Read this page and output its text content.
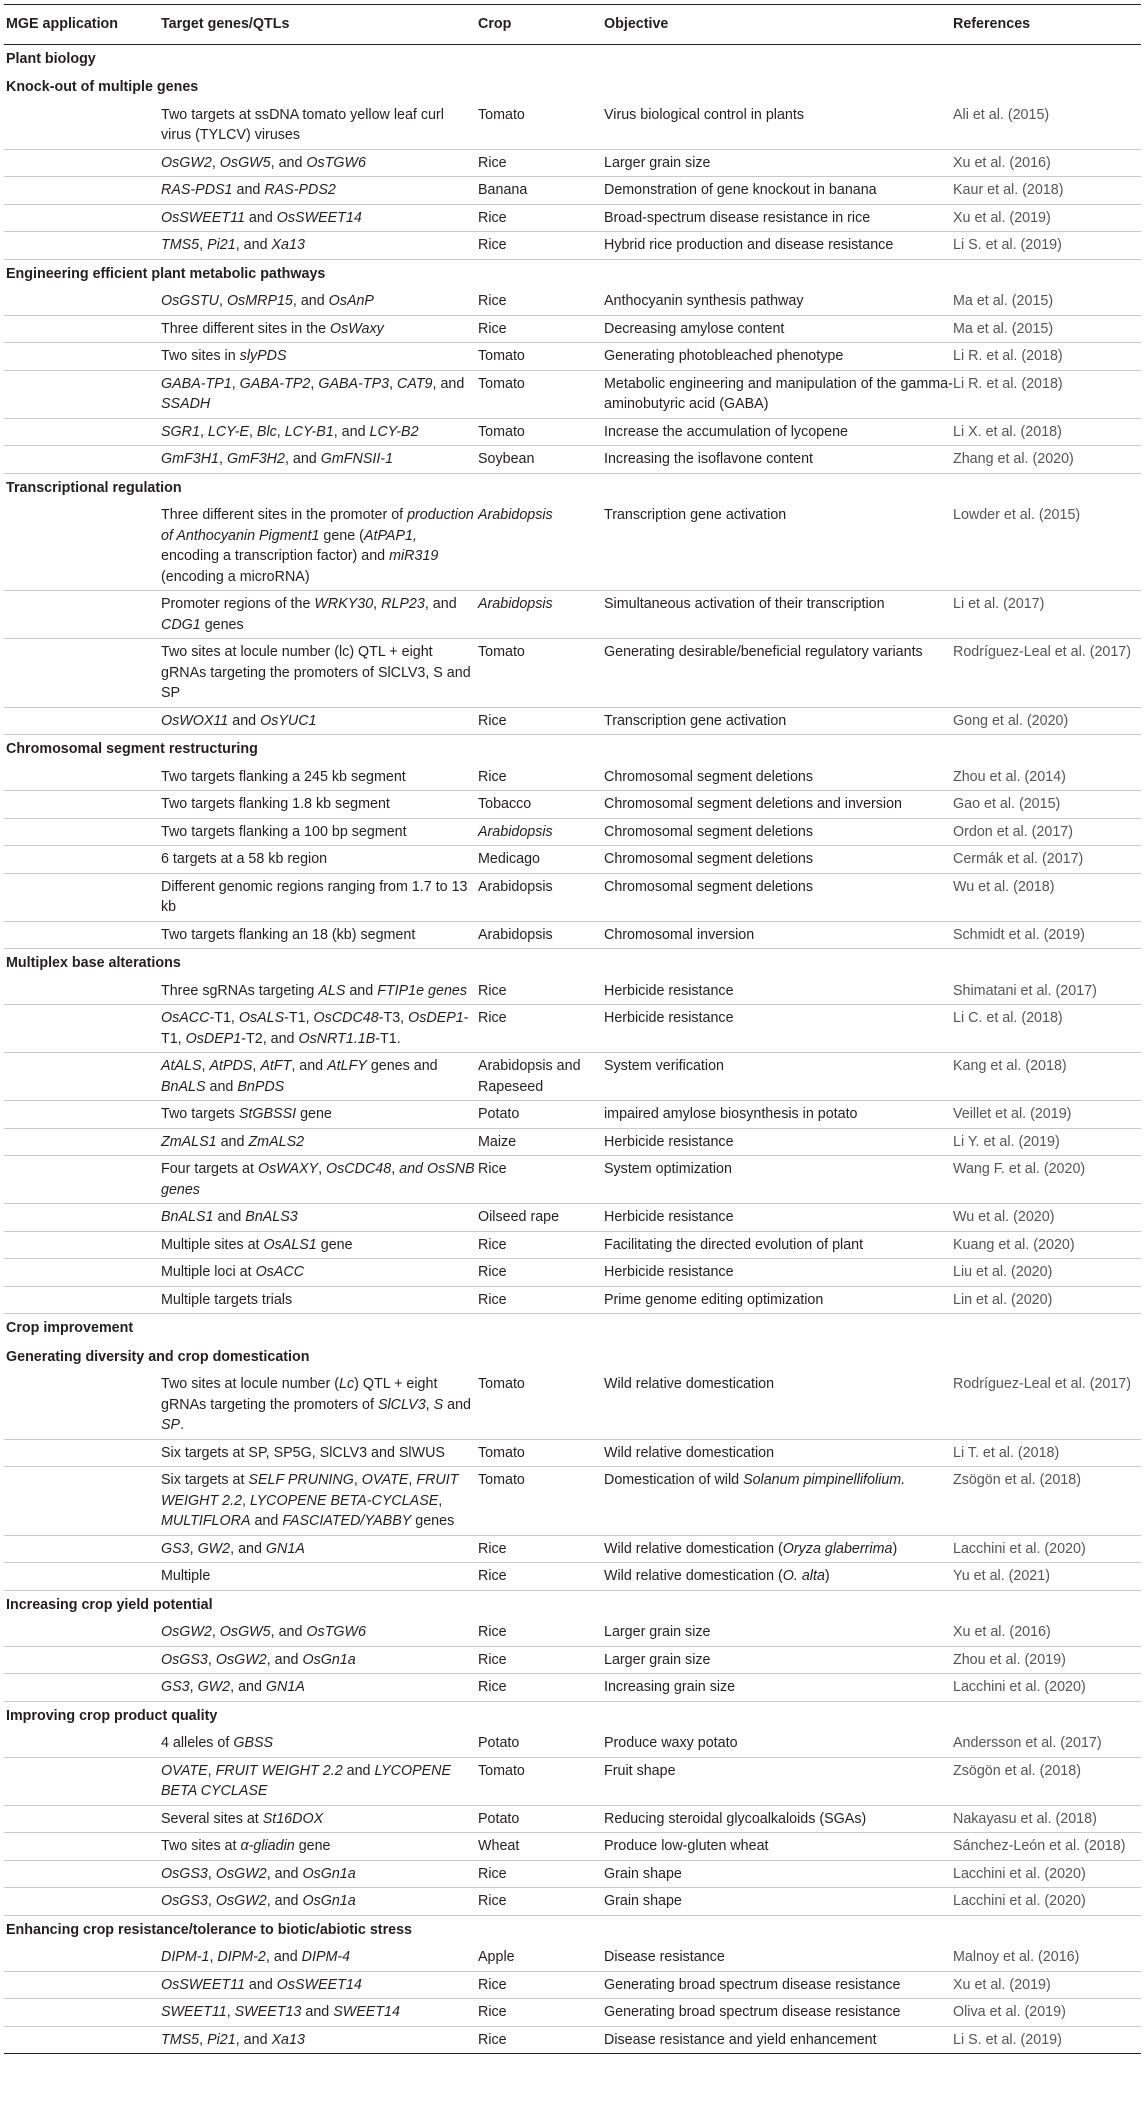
MGE application	Target genes/QTLs	Crop	Objective	References
Plant biology				
Knock-out of multiple genes				
	Two targets at ssDNA tomato yellow leaf curl virus (TYLCV) viruses	Tomato	Virus biological control in plants	Ali et al. (2015)
	OsGW2, OsGW5, and OsTGW6	Rice	Larger grain size	Xu et al. (2016)
	RAS-PDS1 and RAS-PDS2	Banana	Demonstration of gene knockout in banana	Kaur et al. (2018)
	OsSWEET11 and OsSWEET14	Rice	Broad-spectrum disease resistance in rice	Xu et al. (2019)
	TMS5, Pi21, and Xa13	Rice	Hybrid rice production and disease resistance	Li S. et al. (2019)
Engineering efficient plant metabolic pathways				
	OsGSTU, OsMRP15, and OsAnP	Rice	Anthocyanin synthesis pathway	Ma et al. (2015)
	Three different sites in the OsWaxy	Rice	Decreasing amylose content	Ma et al. (2015)
	Two sites in slyPDS	Tomato	Generating photobleached phenotype	Li R. et al. (2018)
	GABA-TP1, GABA-TP2, GABA-TP3, CAT9, and SSADH	Tomato	Metabolic engineering and manipulation of the gamma-aminobutyric acid (GABA)	Li R. et al. (2018)
	SGR1, LCY-E, Blc, LCY-B1, and LCY-B2	Tomato	Increase the accumulation of lycopene	Li X. et al. (2018)
	GmF3H1, GmF3H2, and GmFNSII-1	Soybean	Increasing the isoflavone content	Zhang et al. (2020)
Transcriptional regulation				
	Three different sites in the promoter of production of Anthocyanin Pigment1 gene (AtPAP1, encoding a transcription factor) and miR319 (encoding a microRNA)	Arabidopsis	Transcription gene activation	Lowder et al. (2015)
	Promoter regions of the WRKY30, RLP23, and CDG1 genes	Arabidopsis	Simultaneous activation of their transcription	Li et al. (2017)
	Two sites at locule number (lc) QTL + eight gRNAs targeting the promoters of SlCLV3, S and SP	Tomato	Generating desirable/beneficial regulatory variants	Rodríguez-Leal et al. (2017)
	OsWOX11 and OsYUC1	Rice	Transcription gene activation	Gong et al. (2020)
Chromosomal segment restructuring				
	Two targets flanking a 245 kb segment	Rice	Chromosomal segment deletions	Zhou et al. (2014)
	Two targets flanking 1.8 kb segment	Tobacco	Chromosomal segment deletions and inversion	Gao et al. (2015)
	Two targets flanking a 100 bp segment	Arabidopsis	Chromosomal segment deletions	Ordon et al. (2017)
	6 targets at a 58 kb region	Medicago	Chromosomal segment deletions	Cermák et al. (2017)
	Different genomic regions ranging from 1.7 to 13 kb	Arabidopsis	Chromosomal segment deletions	Wu et al. (2018)
	Two targets flanking an 18 (kb) segment	Arabidopsis	Chromosomal inversion	Schmidt et al. (2019)
Multiplex base alterations				
	Three sgRNAs targeting ALS and FTIP1e genes	Rice	Herbicide resistance	Shimatani et al. (2017)
	OsACC-T1, OsALS-T1, OsCDC48-T3, OsDEP1-T1, OsDEP1-T2, and OsNRT1.1B-T1.	Rice	Herbicide resistance	Li C. et al. (2018)
	AtALS, AtPDS, AtFT, and AtLFY genes and BnALS and BnPDS	Arabidopsis and Rapeseed	System verification	Kang et al. (2018)
	Two targets StGBSSI gene	Potato	impaired amylose biosynthesis in potato	Veillet et al. (2019)
	ZmALS1 and ZmALS2	Maize	Herbicide resistance	Li Y. et al. (2019)
	Four targets at OsWAXY, OsCDC48, and OsSNB genes	Rice	System optimization	Wang F. et al. (2020)
	BnALS1 and BnALS3	Oilseed rape	Herbicide resistance	Wu et al. (2020)
	Multiple sites at OsALS1 gene	Rice	Facilitating the directed evolution of plant	Kuang et al. (2020)
	Multiple loci at OsACC	Rice	Herbicide resistance	Liu et al. (2020)
	Multiple targets trials	Rice	Prime genome editing optimization	Lin et al. (2020)
Crop improvement				
Generating diversity and crop domestication				
	Two sites at locule number (Lc) QTL + eight gRNAs targeting the promoters of SlCLV3, S and SP.	Tomato	Wild relative domestication	Rodríguez-Leal et al. (2017)
	Six targets at SP, SP5G, SlCLV3 and SlWUS	Tomato	Wild relative domestication	Li T. et al. (2018)
	Six targets at SELF PRUNING, OVATE, FRUIT WEIGHT 2.2, LYCOPENE BETA-CYCLASE, MULTIFLORA and FASCIATED/YABBY genes	Tomato	Domestication of wild Solanum pimpinellifolium.	Zsögön et al. (2018)
	GS3, GW2, and GN1A	Rice	Wild relative domestication (Oryza glaberrima)	Lacchini et al. (2020)
	Multiple	Rice	Wild relative domestication (O. alta)	Yu et al. (2021)
Increasing crop yield potential				
	OsGW2, OsGW5, and OsTGW6	Rice	Larger grain size	Xu et al. (2016)
	OsGS3, OsGW2, and OsGn1a	Rice	Larger grain size	Zhou et al. (2019)
	GS3, GW2, and GN1A	Rice	Increasing grain size	Lacchini et al. (2020)
Improving crop product quality				
	4 alleles of GBSS	Potato	Produce waxy potato	Andersson et al. (2017)
	OVATE, FRUIT WEIGHT 2.2 and LYCOPENE BETA CYCLASE	Tomato	Fruit shape	Zsögön et al. (2018)
	Several sites at St16DOX	Potato	Reducing steroidal glycoalkaloids (SGAs)	Nakayasu et al. (2018)
	Two sites at α-gliadin gene	Wheat	Produce low-gluten wheat	Sánchez-León et al. (2018)
	OsGS3, OsGW2, and OsGn1a	Rice	Grain shape	Lacchini et al. (2020)
	OsGS3, OsGW2, and OsGn1a	Rice	Grain shape	Lacchini et al. (2020)
Enhancing crop resistance/tolerance to biotic/abiotic stress				
	DIPM-1, DIPM-2, and DIPM-4	Apple	Disease resistance	Malnoy et al. (2016)
	OsSWEET11 and OsSWEET14	Rice	Generating broad spectrum disease resistance	Xu et al. (2019)
	SWEET11, SWEET13 and SWEET14	Rice	Generating broad spectrum disease resistance	Oliva et al. (2019)
	TMS5, Pi21, and Xa13	Rice	Disease resistance and yield enhancement	Li S. et al. (2019)
